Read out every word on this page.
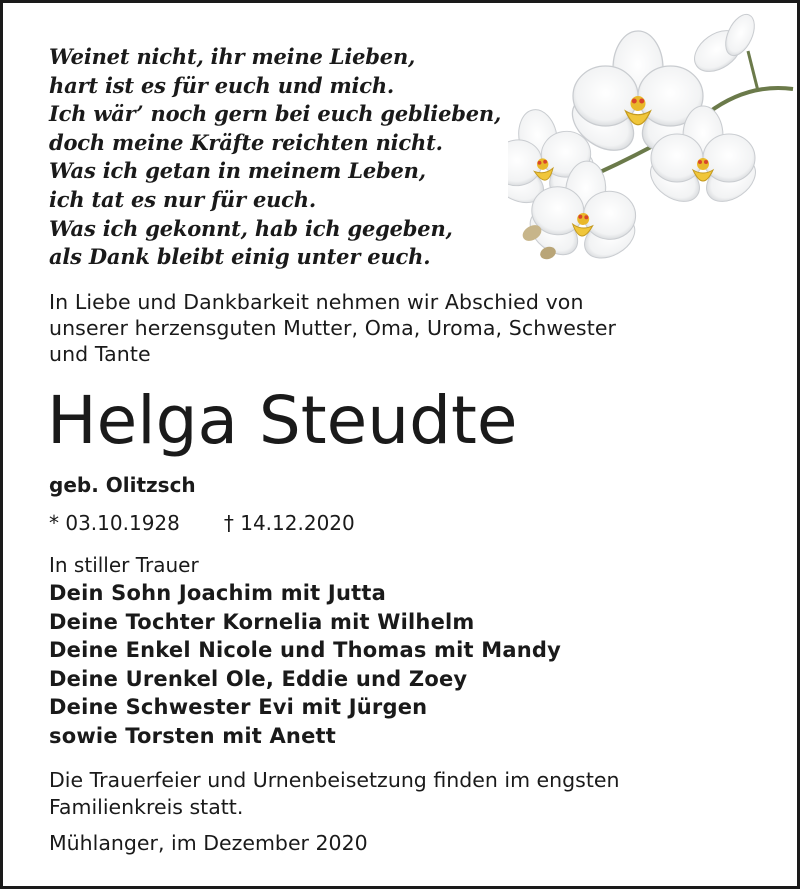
Weinet nicht, ihr meine Lieben,
hart ist es für euch und mich.
Ich wär’ noch gern bei euch geblieben,
doch meine Kräfte reichten nicht.
Was ich getan in meinem Leben,
ich tat es nur für euch.
Was ich gekonnt, hab ich gegeben,
als Dank bleibt einig unter euch.
In Liebe und Dankbarkeit nehmen wir Abschied von
unserer herzensguten Mutter, Oma, Uroma, Schwester
und Tante
Helga Steudte
geb. Olitzsch
* 03.10.1928 † 14.12.2020
In stiller Trauer
Dein Sohn Joachim mit Jutta
Deine Tochter Kornelia mit Wilhelm
Deine Enkel Nicole und Thomas mit Mandy
Deine Urenkel Ole, Eddie und Zoey
Deine Schwester Evi mit Jürgen
sowie Torsten mit Anett
Die Trauerfeier und Urnenbeisetzung finden im engsten
Familienkreis statt.
Mühlanger, im Dezember 2020
